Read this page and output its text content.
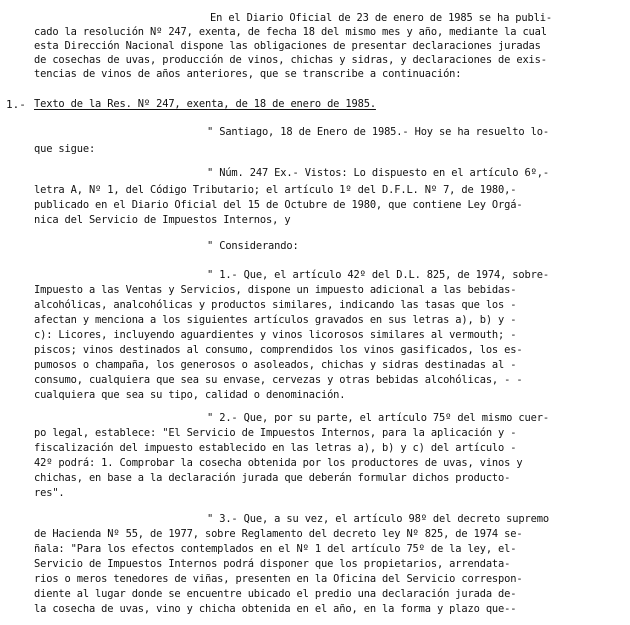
En el Diario Oficial de 23 de enero de 1985 se ha publi-
cado la resolución Nº 247, exenta, de fecha 18 del mismo mes y año, mediante la cual
esta Dirección Nacional dispone las obligaciones de presentar declaraciones juradas
de cosechas de uvas, producción de vinos, chichas y sidras, y declaraciones de exis-
tencias de vinos de años anteriores, que se transcribe a continuación:
1.- Texto de la Res. Nº 247, exenta, de 18 de enero de 1985.
" Santiago, 18 de Enero de 1985.- Hoy se ha resuelto lo-
que sigue:
" Núm. 247 Ex.- Vistos: Lo dispuesto en el artículo 6º,-
letra A, Nº 1, del Código Tributario; el artículo 1º del D.F.L. Nº 7, de 1980,-
publicado en el Diario Oficial del 15 de Octubre de 1980, que contiene Ley Orgá-
nica del Servicio de Impuestos Internos, y
" Considerando:
" 1.- Que, el artículo 42º del D.L. 825, de 1974, sobre-
Impuesto a las Ventas y Servicios, dispone un impuesto adicional a las bebidas-
alcohólicas, analcohólicas y productos similares, indicando las tasas que los -
afectan y menciona a los siguientes artículos gravados en sus letras a), b) y -
c): Licores, incluyendo aguardientes y vinos licorosos similares al vermouth; -
piscos; vinos destinados al consumo, comprendidos los vinos gasificados, los es-
pumosos o champaña, los generosos o asoleados, chichas y sidras destinadas al -
consumo, cualquiera que sea su envase, cervezas y otras bebidas alcohólicas, - -
cualquiera que sea su tipo, calidad o denominación.
" 2.- Que, por su parte, el artículo 75º del mismo cuer-
po legal, establece: "El Servicio de Impuestos Internos, para la aplicación y -
fiscalización del impuesto establecido en las letras a), b) y c) del artículo -
42º podrá: 1. Comprobar la cosecha obtenida por los productores de uvas, vinos y
chichas, en base a la declaración jurada que deberán formular dichos producto-
res".
" 3.- Que, a su vez, el artículo 98º del decreto supremo
de Hacienda Nº 55, de 1977, sobre Reglamento del decreto ley Nº 825, de 1974 se-
ñala: "Para los efectos contemplados en el Nº 1 del artículo 75º de la ley, el-
Servicio de Impuestos Internos podrá disponer que los propietarios, arrendata-
rios o meros tenedores de viñas, presenten en la Oficina del Servicio correspon-
diente al lugar donde se encuentre ubicado el predio una declaración jurada de-
la cosecha de uvas, vino y chicha obtenida en el año, en la forma y plazo que--
